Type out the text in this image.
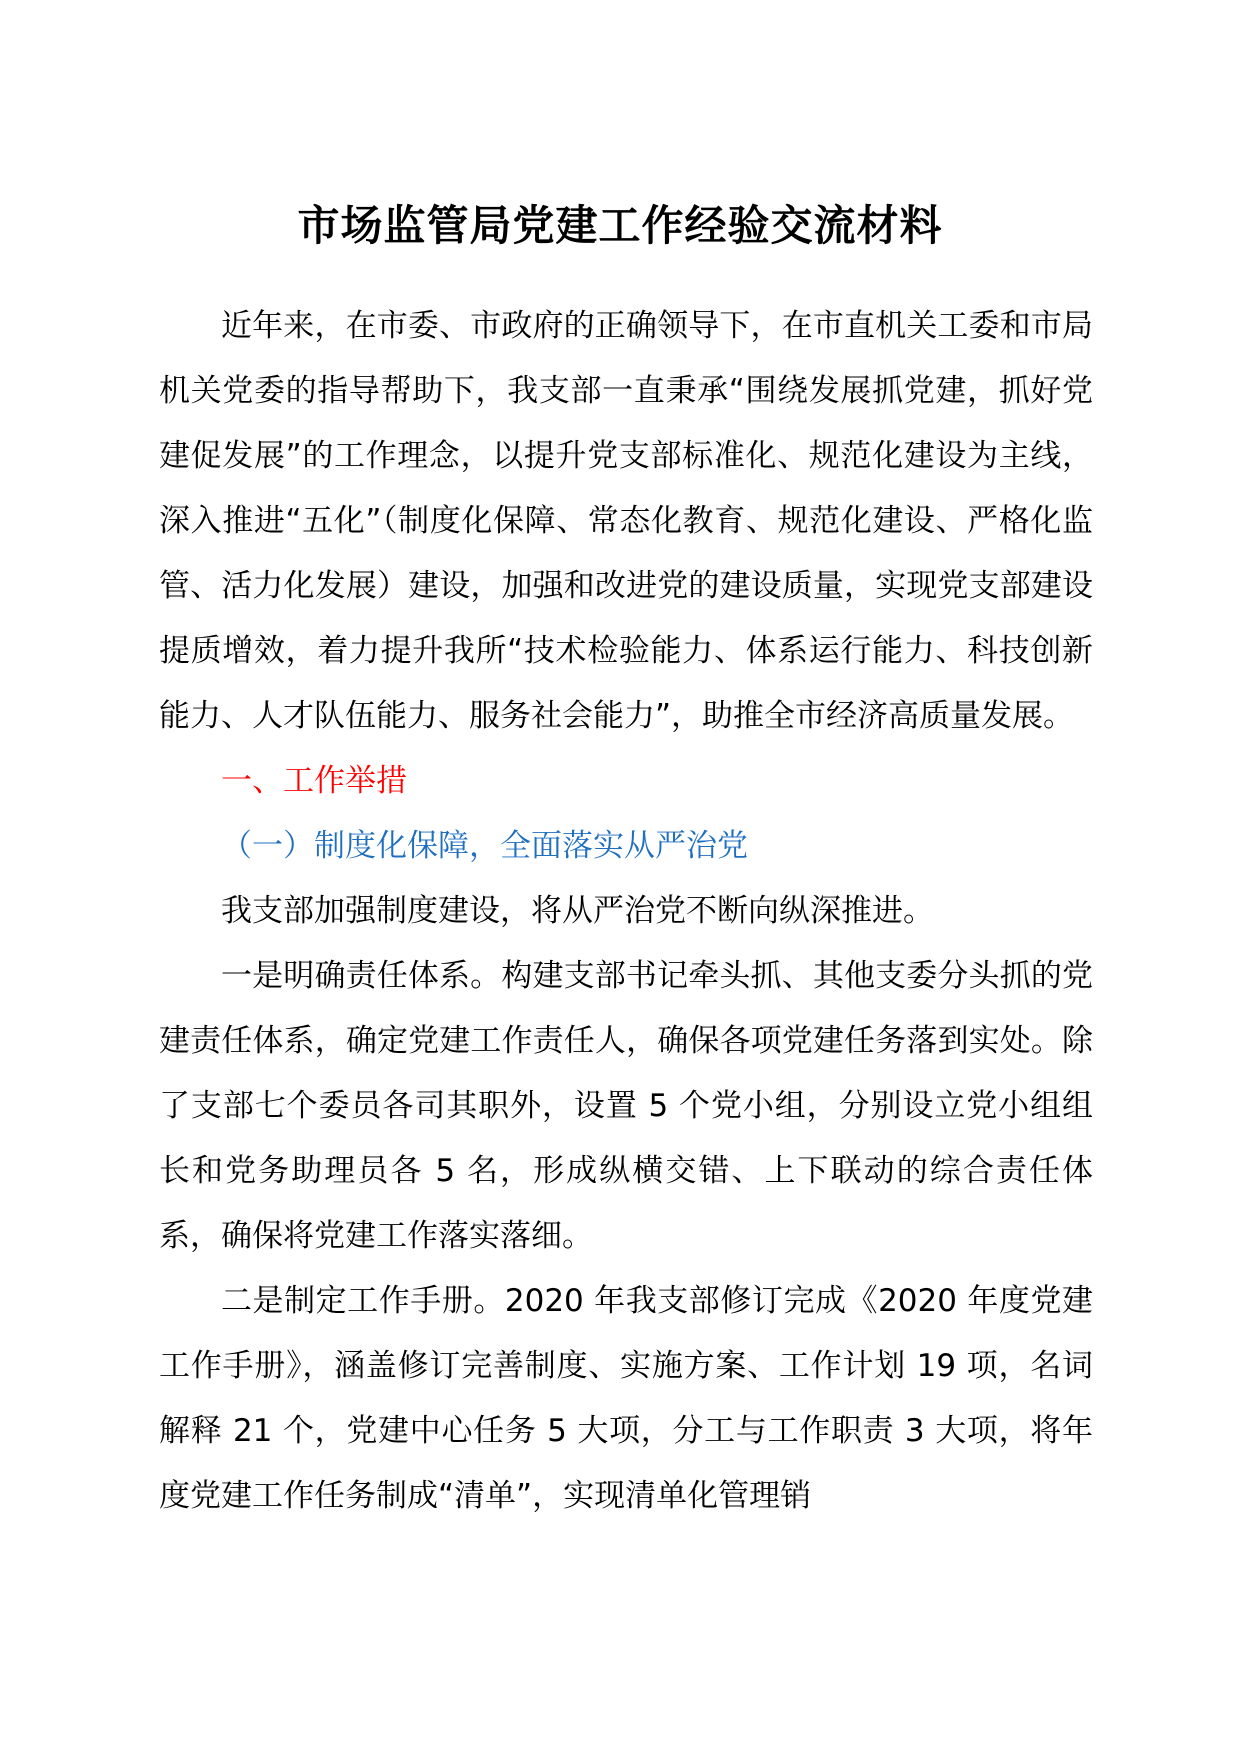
市场监管局党建工作经验交流材料

近年来，在市委、市政府的正确领导下，在市直机关工委和市局机关党委的指导帮助下，我支部一直秉承“围绕发展抓党建，抓好党建促发展”的工作理念，以提升党支部标准化、规范化建设为主线，深入推进“五化”（制度化保障、常态化教育、规范化建设、严格化监管、活力化发展）建设，加强和改进党的建设质量，实现党支部建设提质增效，着力提升我所“技术检验能力、体系运行能力、科技创新能力、人才队伍能力、服务社会能力”，助推全市经济高质量发展。

一、工作举措

（一）制度化保障，全面落实从严治党

我支部加强制度建设，将从严治党不断向纵深推进。

一是明确责任体系。构建支部书记牵头抓、其他支委分头抓的党建责任体系，确定党建工作责任人，确保各项党建任务落到实处。除了支部七个委员各司其职外，设置 5 个党小组，分别设立党小组组长和党务助理员各 5 名，形成纵横交错、上下联动的综合责任体系，确保将党建工作落实落细。

二是制定工作手册。2020 年我支部修订完成《2020 年度党建工作手册》，涵盖修订完善制度、实施方案、工作计划 19 项，名词解释 21 个，党建中心任务 5 大项，分工与工作职责 3 大项，将年度党建工作任务制成“清单”，实现清单化管理销
